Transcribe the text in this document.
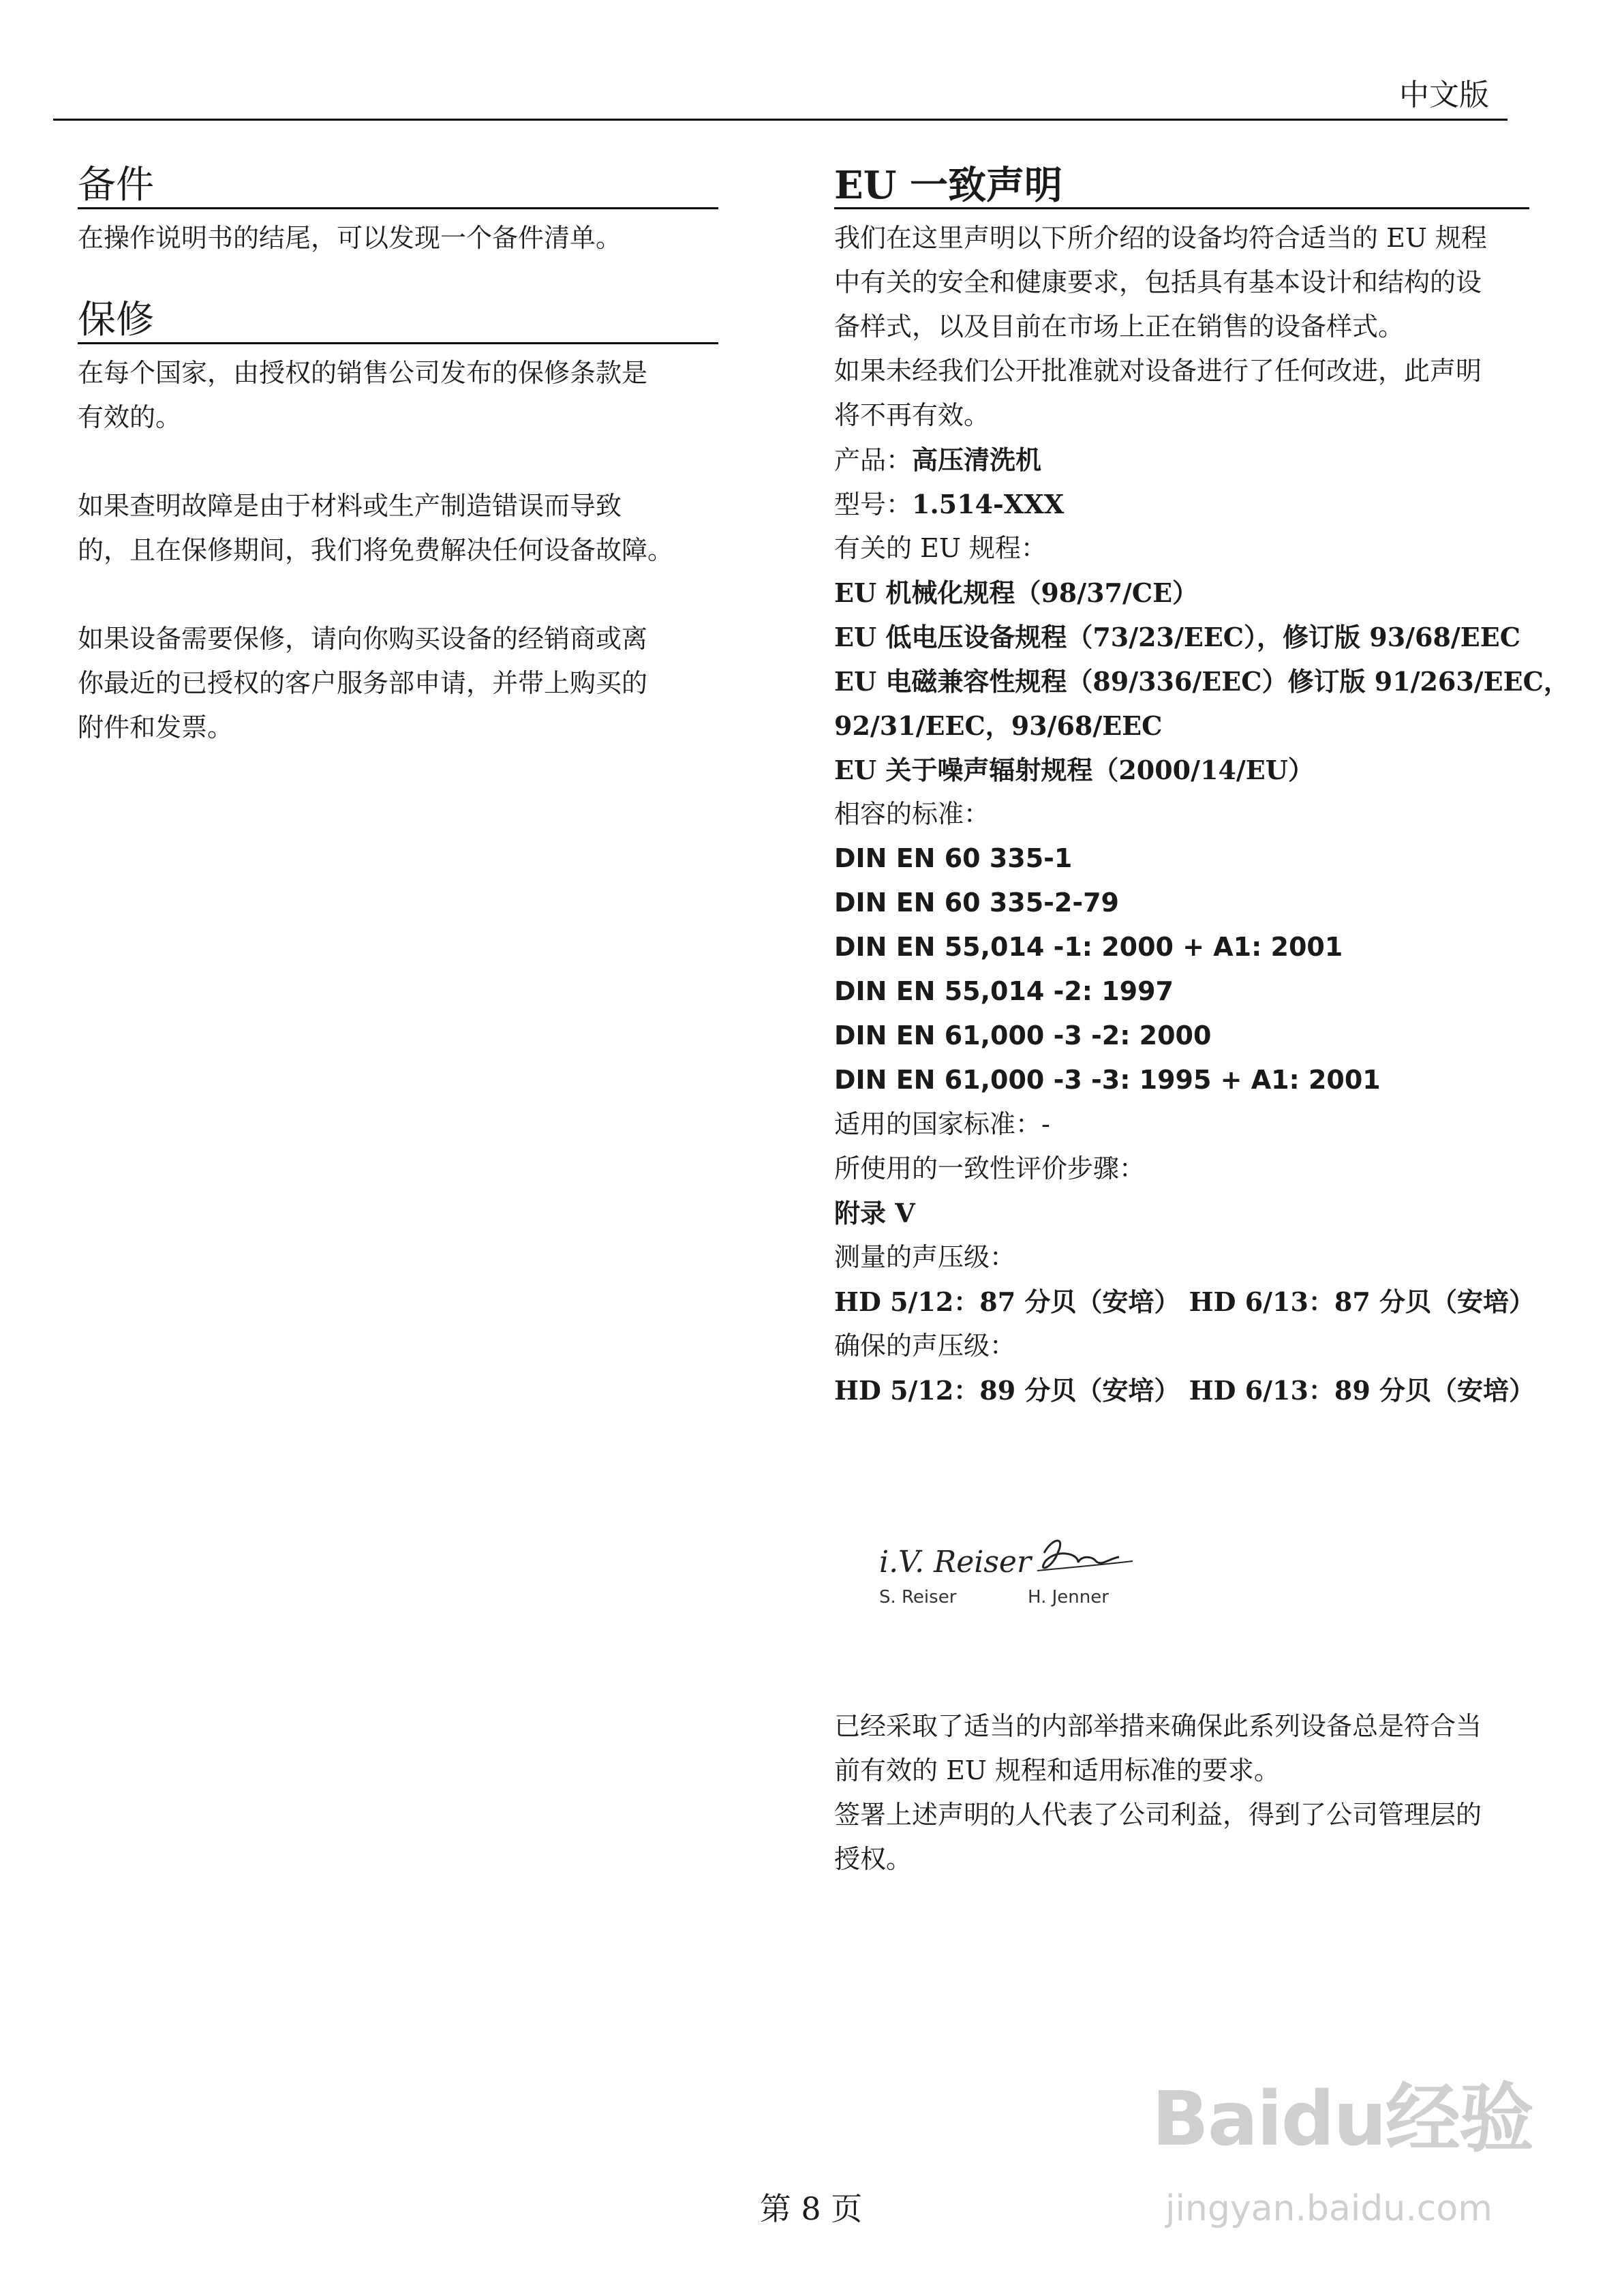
中文版
备件

在操作说明书的结尾，可以发现一个备件清单。

保修

在每个国家，由授权的销售公司发布的保修条款是
有效的。

如果查明故障是由于材料或生产制造错误而导致
的，且在保修期间，我们将免费解决任何设备故障。

如果设备需要保修，请向你购买设备的经销商或离
你最近的已授权的客户服务部申请，并带上购买的
附件和发票。

EU 一致声明

我们在这里声明以下所介绍的设备均符合适当的 EU 规程
中有关的安全和健康要求，包括具有基本设计和结构的设
备样式，以及目前在市场上正在销售的设备样式。

如果未经我们公开批准就对设备进行了任何改进，此声明
将不再有效。

产品：高压清洗机
型号：1.514-XXX
有关的 EU 规程：
EU 机械化规程（98/37/CE）
EU 低电压设备规程（73/23/EEC），修订版 93/68/EEC
EU 电磁兼容性规程（89/336/EEC）修订版 91/263/EEC，
92/31/EEC，93/68/EEC
EU 关于噪声辐射规程（2000/14/EU）
相容的标准：
DIN EN 60 335-1
DIN EN 60 335-2-79
DIN EN 55,014 -1: 2000 + A1: 2001
DIN EN 55,014 -2: 1997
DIN EN 61,000 -3 -2: 2000
DIN EN 61,000 -3 -3: 1995 + A1: 2001
适用的国家标准：-
所使用的一致性评价步骤：
附录 V
测量的声压级：
HD 5/12：87 分贝（安培） HD 6/13：87 分贝（安培）
确保的声压级：
HD 5/12：89 分贝（安培） HD 6/13：89 分贝（安培）
i.V. Reiser
S. Reiser	H. Jenner

已经采取了适当的内部举措来确保此系列设备总是符合当
前有效的 EU 规程和适用标准的要求。

签署上述声明的人代表了公司利益，得到了公司管理层的
授权。

第 8 页
Baidu经验
jingyan.baidu.com
